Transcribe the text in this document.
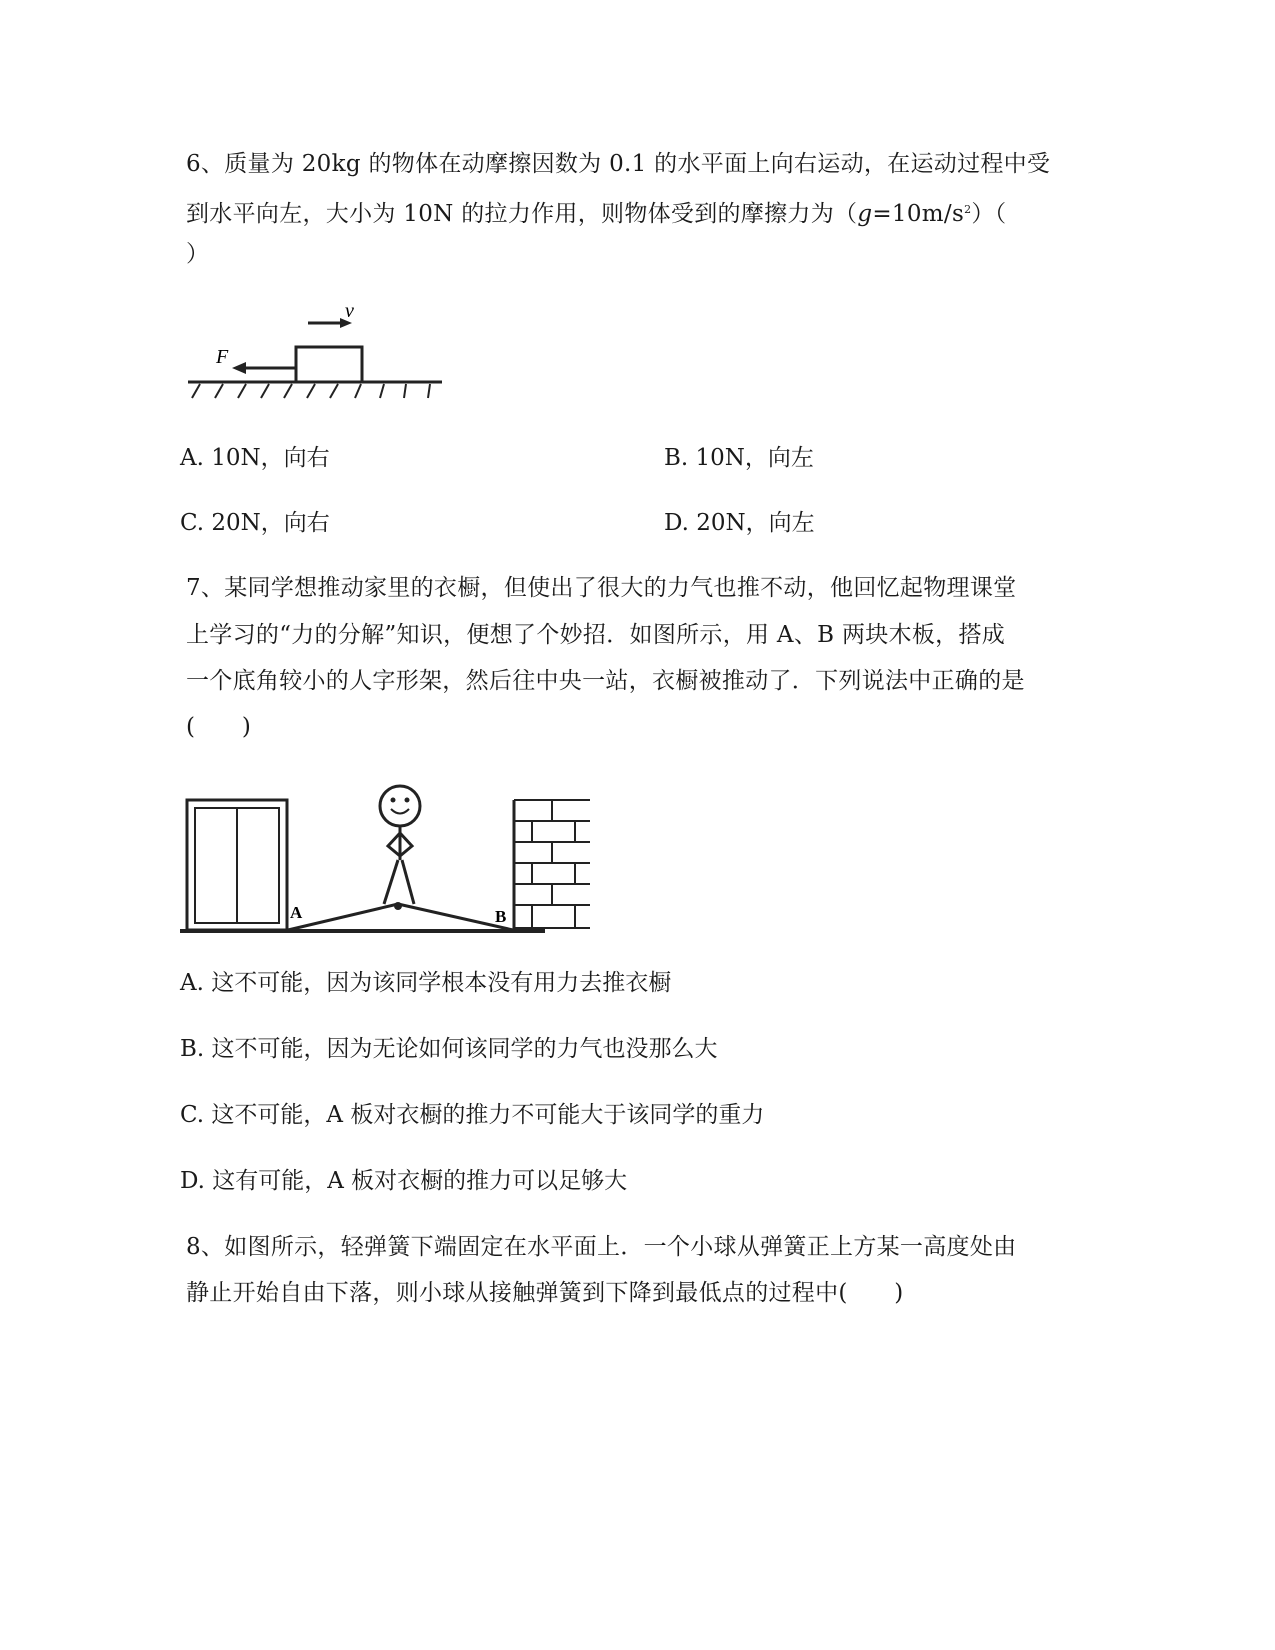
6、质量为 20kg 的物体在动摩擦因数为 0.1 的水平面上向右运动，在运动过程中受
到水平向左，大小为 10N 的拉力作用，则物体受到的摩擦力为$(g=10m/s^2)$（
）
F
v
A. 10N，向右	B. 10N，向左
C. 20N，向右	D. 20N，向左
7、某同学想推动家里的衣橱，但使出了很大的力气也推不动，他回忆起物理课堂
上学习的“力的分解”知识，便想了个妙招．如图所示，用 A、B 两块木板，搭成
一个底角较小的人字形架，然后往中央一站，衣橱被推动了．下列说法中正确的是
(　　)
A	B
A. 这不可能，因为该同学根本没有用力去推衣橱
B. 这不可能，因为无论如何该同学的力气也没那么大
C. 这不可能，A 板对衣橱的推力不可能大于该同学的重力
D. 这有可能，A 板对衣橱的推力可以足够大
8、如图所示，轻弹簧下端固定在水平面上．一个小球从弹簧正上方某一高度处由
静止开始自由下落，则小球从接触弹簧到下降到最低点的过程中(　　)
